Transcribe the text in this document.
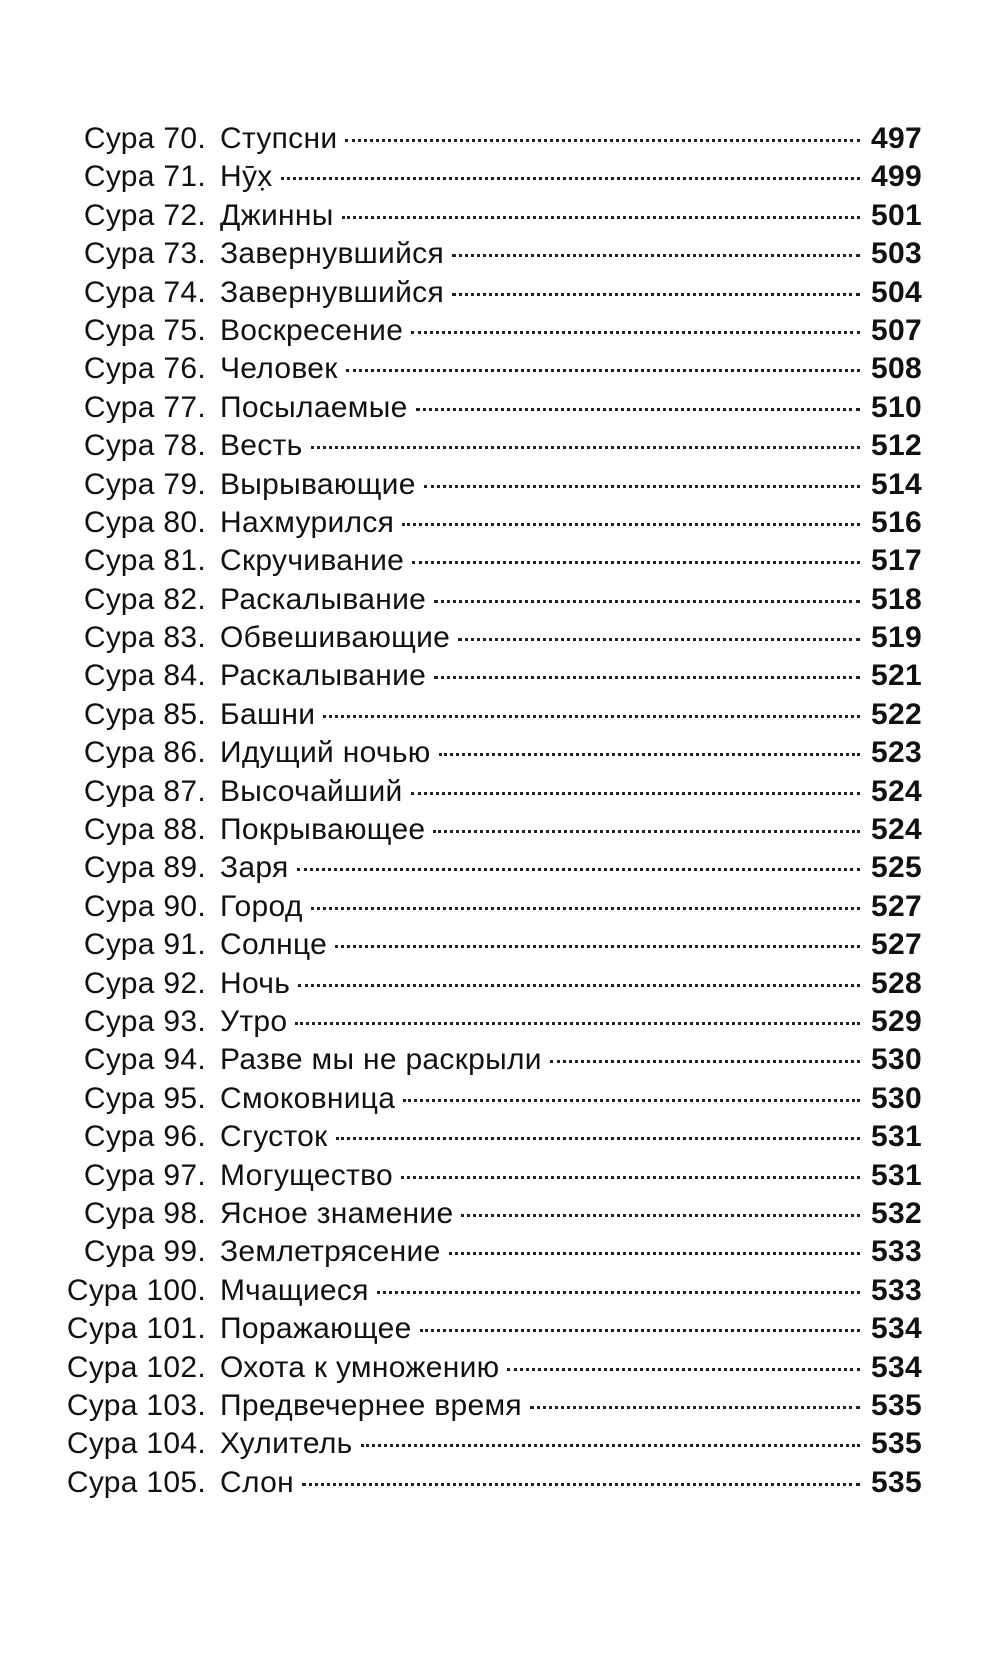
Сура 70. Ступсни	497
Сура 71. Нӯх̣	499
Сура 72. Джинны	501
Сура 73. Завернувшийся	503
Сура 74. Завернувшийся	504
Сура 75. Воскресение	507
Сура 76. Человек	508
Сура 77. Посылаемые	510
Сура 78. Весть	512
Сура 79. Вырывающие	514
Сура 80. Нахмурился	516
Сура 81. Скручивание	517
Сура 82. Раскалывание	518
Сура 83. Обвешивающие	519
Сура 84. Раскалывание	521
Сура 85. Башни	522
Сура 86. Идущий ночью	523
Сура 87. Высочайший	524
Сура 88. Покрывающее	524
Сура 89. Заря	525
Сура 90. Город	527
Сура 91. Солнце	527
Сура 92. Ночь	528
Сура 93. Утро	529
Сура 94. Разве мы не раскрыли	530
Сура 95. Смоковница	530
Сура 96. Сгусток	531
Сура 97. Могущество	531
Сура 98. Ясное знамение	532
Сура 99. Землетрясение	533
Сура 100. Мчащиеся	533
Сура 101. Поражающее	534
Сура 102. Охота к умножению	534
Сура 103. Предвечернее время	535
Сура 104. Хулитель	535
Сура 105. Слон	535
